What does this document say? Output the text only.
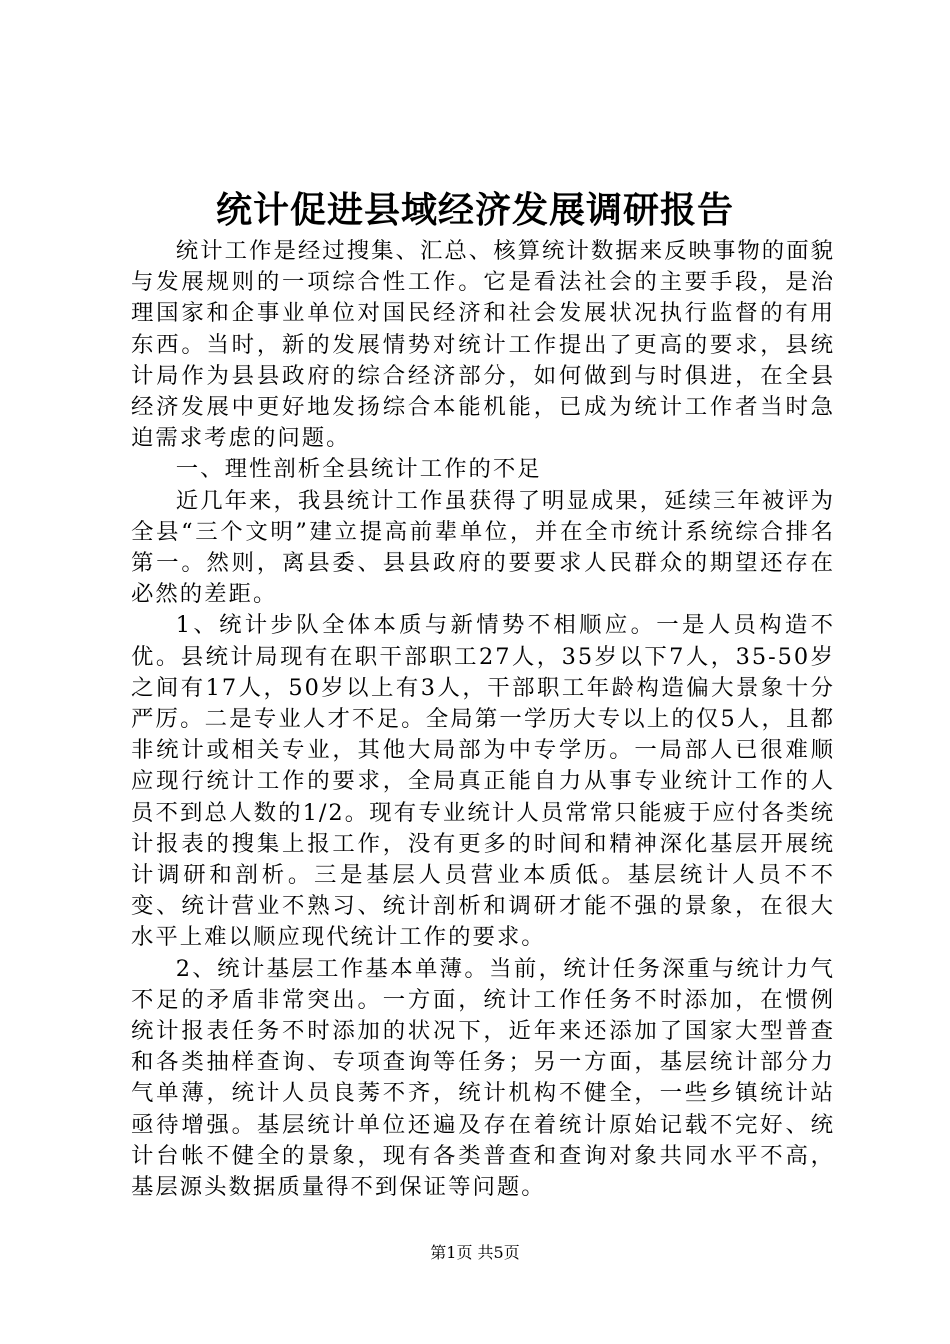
统计促进县域经济发展调研报告

统计工作是经过搜集、汇总、核算统计数据来反映事物的面貌与发展规则的一项综合性工作。它是看法社会的主要手段，是治理国家和企事业单位对国民经济和社会发展状况执行监督的有用东西。当时，新的发展情势对统计工作提出了更高的要求，县统计局作为县县政府的综合经济部分，如何做到与时俱进，在全县经济发展中更好地发扬综合本能机能，已成为统计工作者当时急迫需求考虑的问题。

一、理性剖析全县统计工作的不足

近几年来，我县统计工作虽获得了明显成果，延续三年被评为全县“三个文明”建立提高前辈单位，并在全市统计系统综合排名第一。然则，离县委、县县政府的要要求人民群众的期望还存在必然的差距。

1、统计步队全体本质与新情势不相顺应。一是人员构造不优。县统计局现有在职干部职工27人，35岁以下7人，35-50岁之间有17人，50岁以上有3人，干部职工年龄构造偏大景象十分严厉。二是专业人才不足。全局第一学历大专以上的仅5人，且都非统计或相关专业，其他大局部为中专学历。一局部人已很难顺应现行统计工作的要求，全局真正能自力从事专业统计工作的人员不到总人数的1/2。现有专业统计人员常常只能疲于应付各类统计报表的搜集上报工作，没有更多的时间和精神深化基层开展统计调研和剖析。三是基层人员营业本质低。基层统计人员不不变、统计营业不熟习、统计剖析和调研才能不强的景象，在很大水平上难以顺应现代统计工作的要求。

2、统计基层工作基本单薄。当前，统计任务深重与统计力气不足的矛盾非常突出。一方面，统计工作任务不时添加，在惯例统计报表任务不时添加的状况下，近年来还添加了国家大型普查和各类抽样查询、专项查询等任务；另一方面，基层统计部分力气单薄，统计人员良莠不齐，统计机构不健全，一些乡镇统计站亟待增强。基层统计单位还遍及存在着统计原始记载不完好、统计台帐不健全的景象，现有各类普查和查询对象共同水平不高，基层源头数据质量得不到保证等问题。

第1页 共5页
